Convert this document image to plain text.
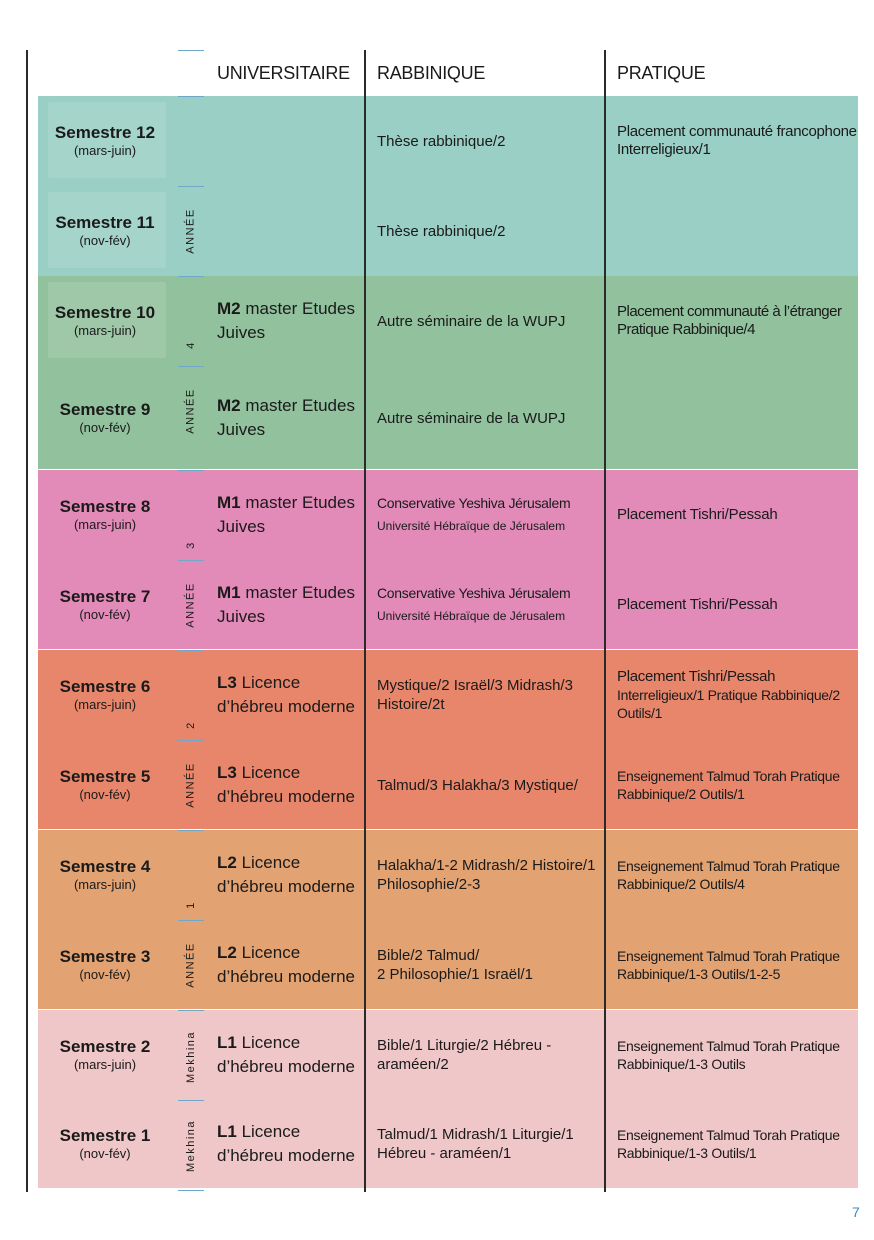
UNIVERSITAIRE	RABBINIQUE	PRATIQUE
Semestre 12
(mars-juin)
Thèse rabbinique/2
Placement communauté francophone Interreligieux/1
Semestre 11
(nov-fév)
Thèse rabbinique/2
Semestre 10
(mars-juin)
M2 master Etudes Juives
Autre séminaire de la WUPJ
Placement communauté à l’étranger Pratique Rabbinique/4
Semestre 9
(nov-fév)
M2 master Etudes Juives
Autre séminaire de la WUPJ
Semestre 8
(mars-juin)
M1 master Etudes Juives
Conservative Yeshiva Jérusalem
Université Hébraïque de Jérusalem
Placement Tishri/Pessah
Semestre 7
(nov-fév)
M1 master Etudes Juives
Conservative Yeshiva Jérusalem
Université Hébraïque de Jérusalem
Placement Tishri/Pessah
Semestre 6
(mars-juin)
L3 Licence d’hébreu moderne
Mystique/2 Israël/3 Midrash/3 Histoire/2t
Placement Tishri/Pessah
Interreligieux/1 Pratique Rabbinique/2 Outils/1
Semestre 5
(nov-fév)
L3 Licence d’hébreu moderne
Talmud/3 Halakha/3 Mystique/
Enseignement Talmud Torah Pratique Rabbinique/2 Outils/1
Semestre 4
(mars-juin)
L2 Licence d’hébreu moderne
Halakha/1-2 Midrash/2 Histoire/1 Philosophie/2-3
Enseignement Talmud Torah Pratique Rabbinique/2 Outils/4
Semestre 3
(nov-fév)
L2 Licence d’hébreu moderne
Bible/2 Talmud/
2 Philosophie/1 Israël/1
Enseignement Talmud Torah Pratique
Rabbinique/1-3 Outils/1-2-5
Semestre 2
(mars-juin)
L1 Licence d’hébreu moderne
Bible/1 Liturgie/2 Hébreu - araméen/2
Enseignement Talmud Torah Pratique
Rabbinique/1-3 Outils
Semestre 1
(nov-fév)
L1 Licence d’hébreu moderne
Talmud/1 Midrash/1 Liturgie/1
Hébreu - araméen/1
Enseignement Talmud Torah Pratique
Rabbinique/1-3 Outils/1
ANNÉE
4
ANNÉE
3
ANNÉE
2
ANNÉE
1
ANNÉE
Mekhina
Mekhina
7
